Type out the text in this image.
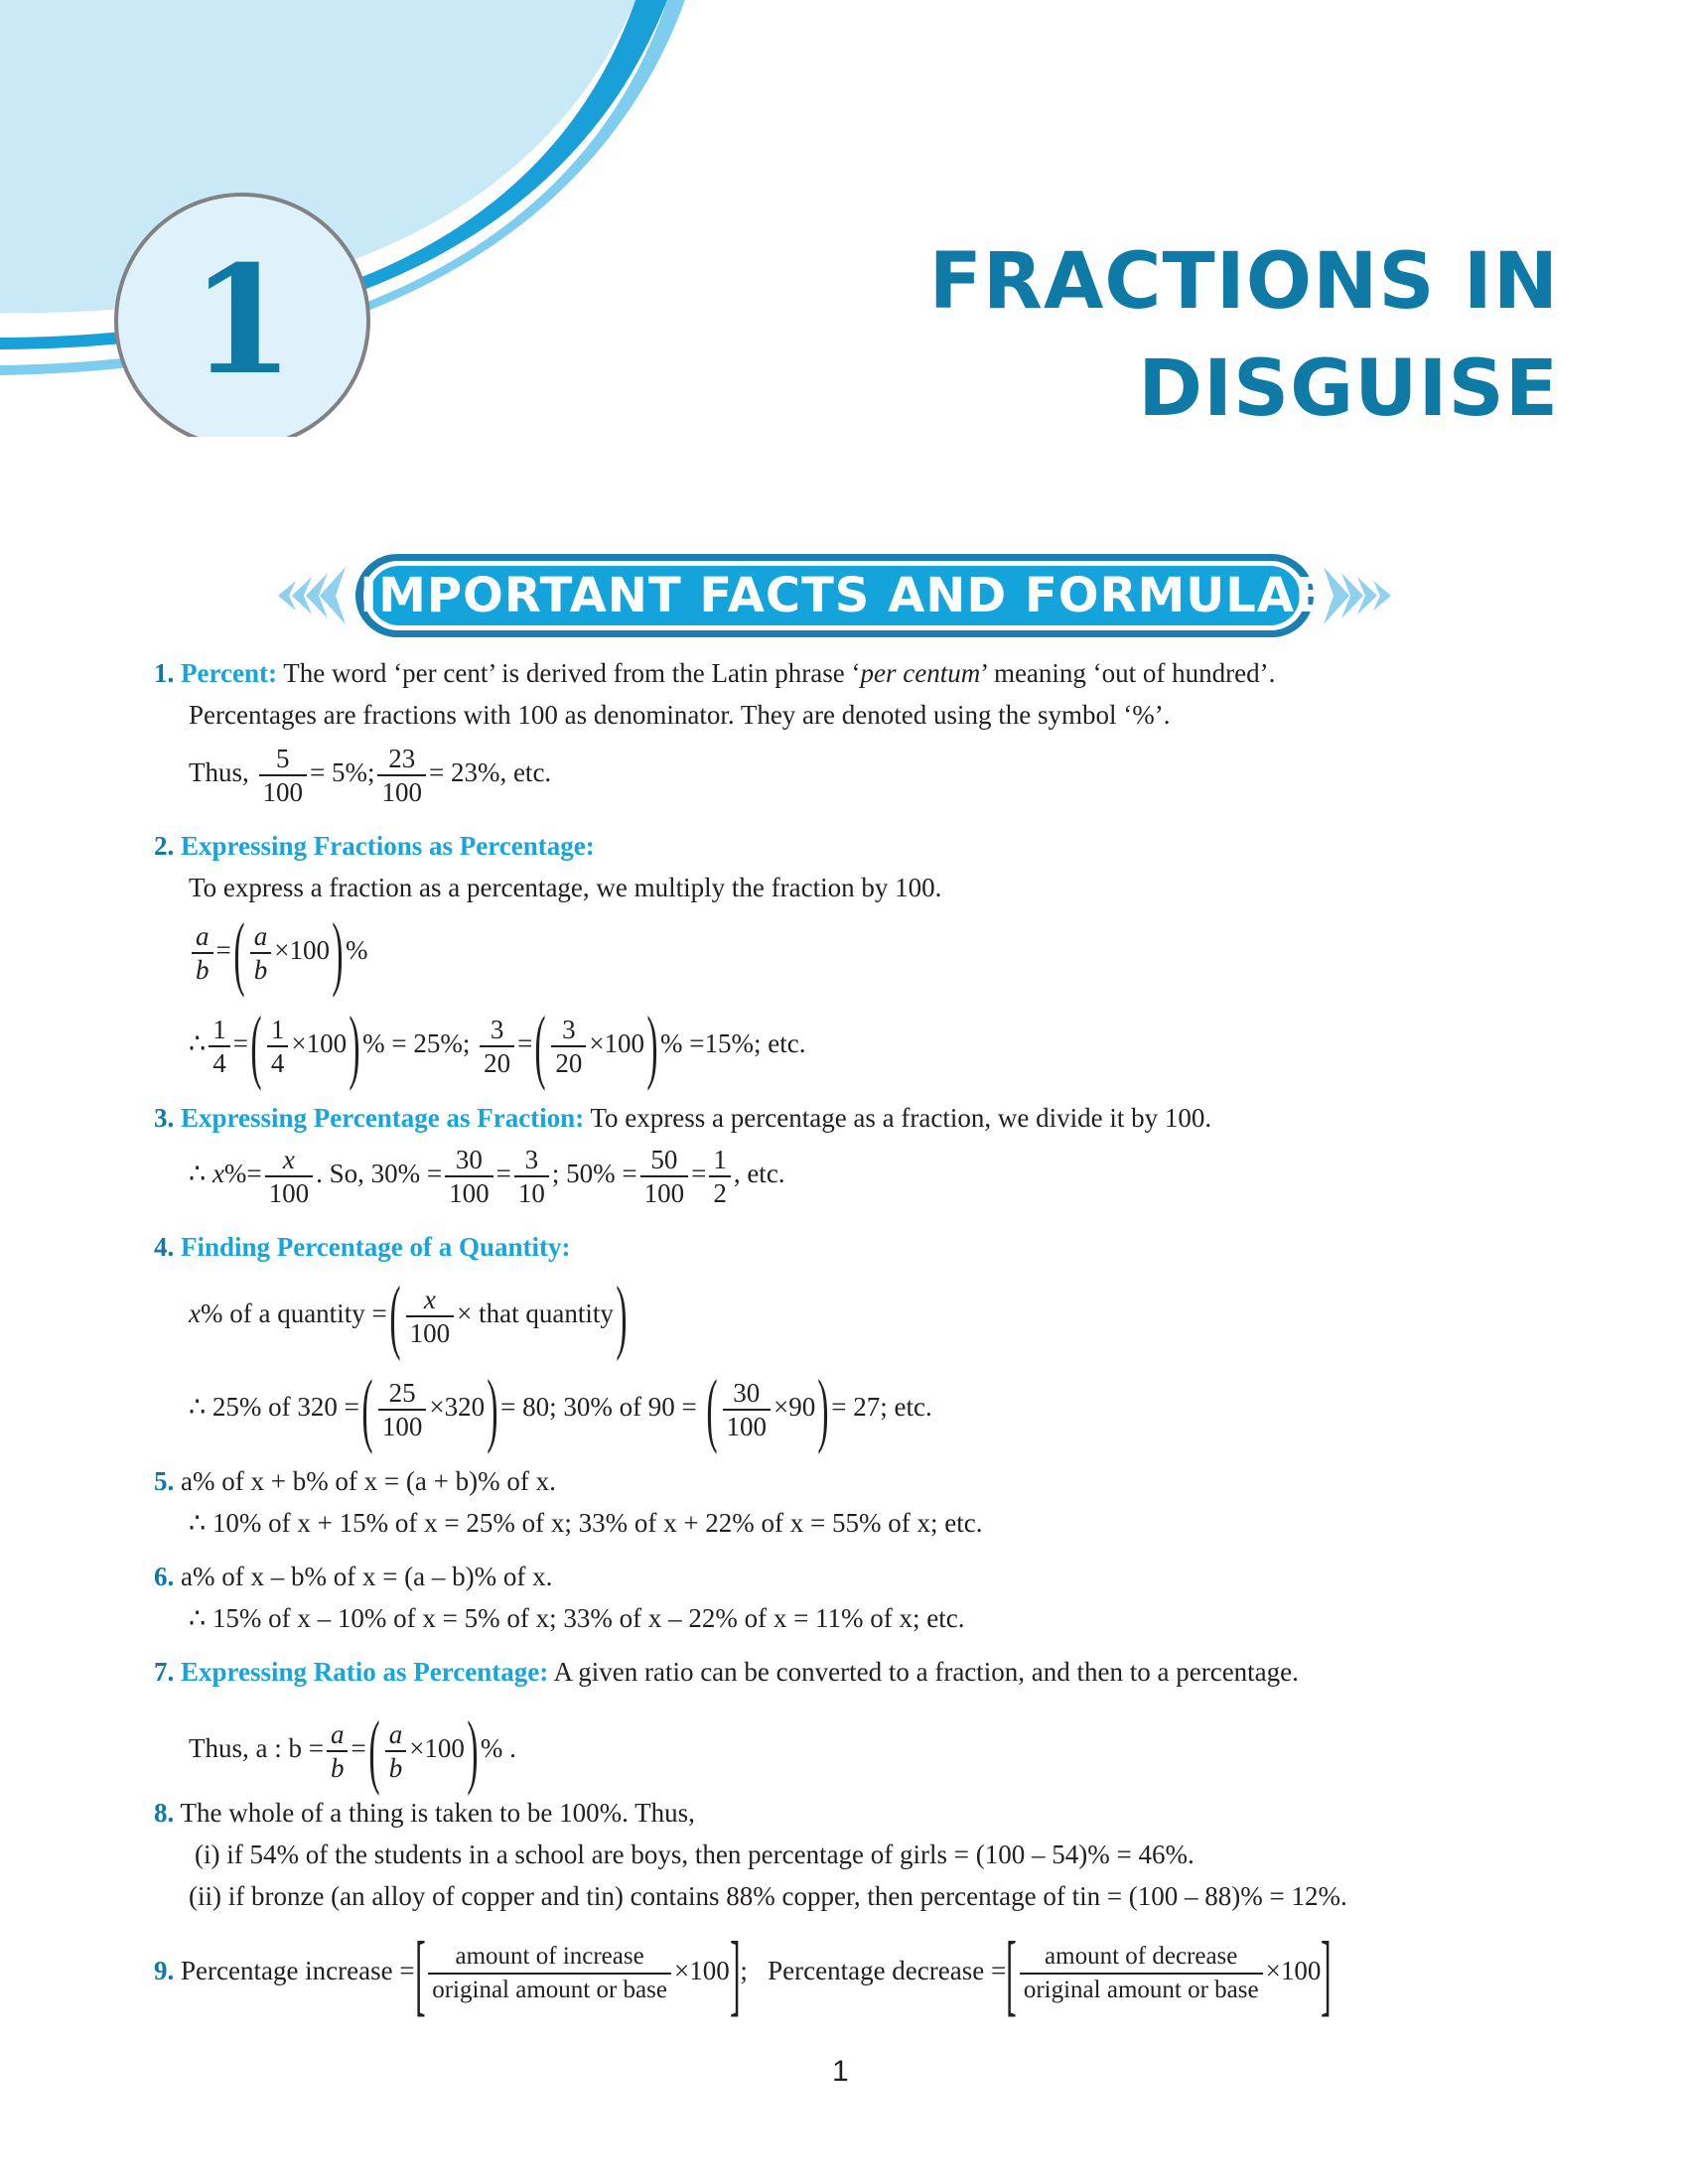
1	FRACTIONS IN
DISGUISE
IMPORTANT FACTS AND FORMULAE
1. Percent: The word ‘per cent’ is derived from the Latin phrase ‘per centum’ meaning ‘out of hundred’.
Percentages are fractions with 100 as denominator. They are denoted using the symbol ‘%’.
Thus, $\frac{5}{100} = 5\%$; $\frac{23}{100} = 23\%$, etc.
2. Expressing Fractions as Percentage:
To express a fraction as a percentage, we multiply the fraction by 100.
$\frac{a}{b}$ =( $\frac{a}{b} \times 100)\%$
∴ $\frac{1}{4}$ =( $\frac{1}{4} \times 100)\% = 25\%$; $\frac{3}{20}$ =( $\frac{3}{20} \times 100)\% =15\%$; etc.
3. Expressing Percentage as Fraction: To express a percentage as a fraction, we divide it by 100.
∴ $x\%= \frac{x}{100}$ . So, $30\% = \frac{30}{100} = \frac{3}{10}$ ; $50\% = \frac{50}{100} = \frac{1}{2}$ , etc.
4. Finding Percentage of a Quantity:
x% of a quantity =( $\frac{x}{100}$ × that quantity)
∴ 25% of 320 =( $\frac{25}{100} \times 320)= 80$; 30% of 90 = ( $\frac{30}{100} \times 90)= 27$; etc.
5. a% of x + b% of x = (a + b)% of x.
∴ 10% of x + 15% of x = 25% of x; 33% of x + 22% of x = 55% of x; etc.
6. a% of x – b% of x = (a – b)% of x.
∴ 15% of x – 10% of x = 5% of x; 33% of x – 22% of x = 11% of x; etc.
7. Expressing Ratio as Percentage: A given ratio can be converted to a fraction, and then to a percentage.
Thus, a : $b = \frac{a}{b}$ =( $\frac{a}{b} \times 100)\%$ .
8. The whole of a thing is taken to be 100%. Thus,
(i) if 54% of the students in a school are boys, then percentage of girls = (100 – 54)% = 46%.
(ii) if bronze (an alloy of copper and tin) contains 88% copper, then percentage of tin = (100 – 88)% = 12%.
9. Percentage increase =[ $\frac{\text{amount of increase}}{\text{original amount or base}} \times 100$]; Percentage decrease =[ $\frac{\text{amount of decrease}}{\text{original amount or base}} \times 100$]
1
